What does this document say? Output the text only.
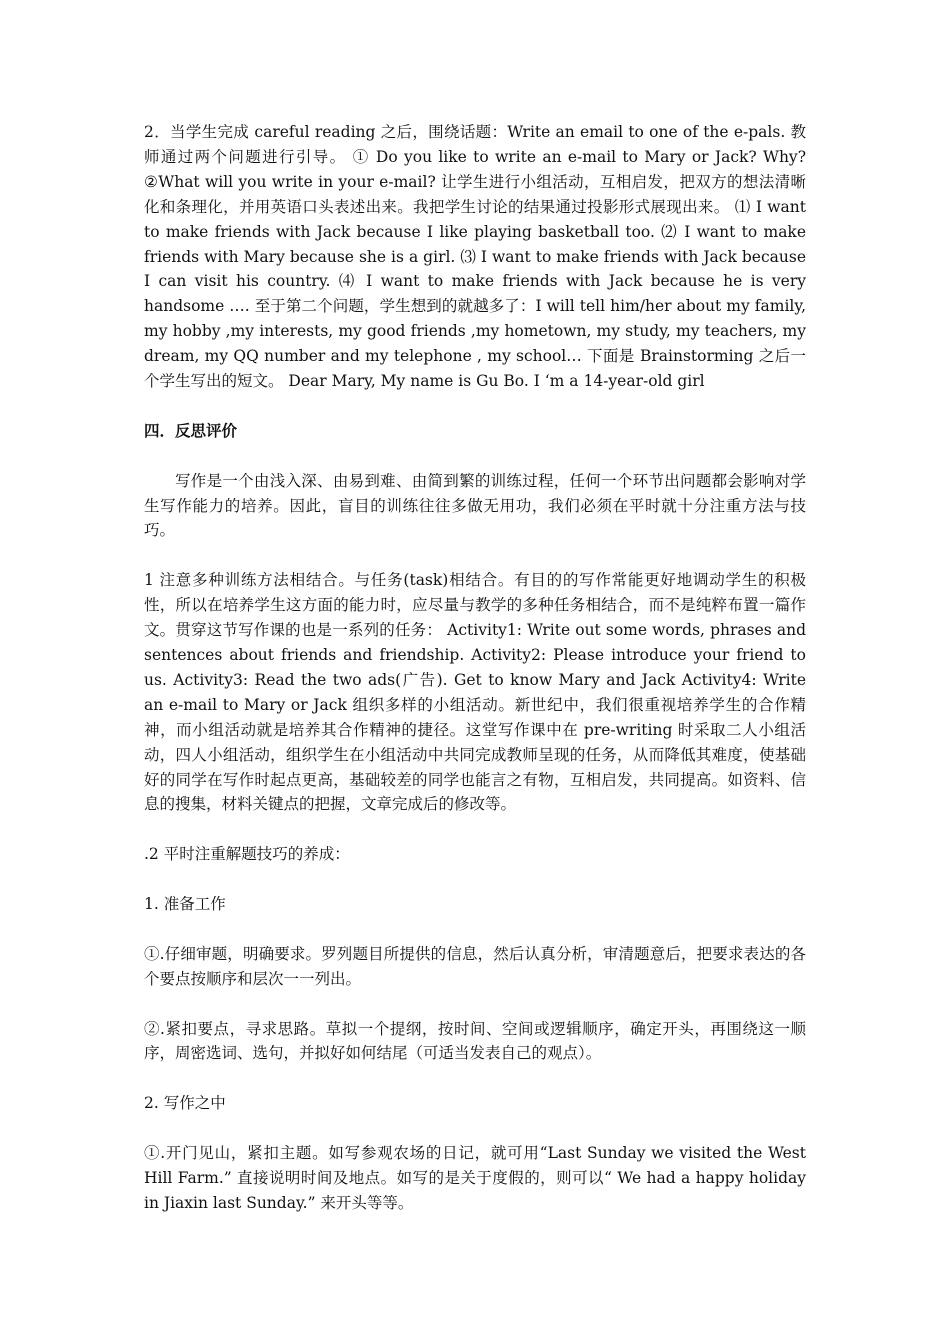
2．当学生完成 careful reading 之后，围绕话题：Write an email to one of the e-pals. 教师通过两个问题进行引导。 ① Do you like to write an e-mail to Mary or Jack? Why? ②What will you write in your e-mail? 让学生进行小组活动，互相启发，把双方的想法清晰化和条理化，并用英语口头表述出来。我把学生讨论的结果通过投影形式展现出来。 ⑴ I want to make friends with Jack because I like playing basketball too. ⑵ I want to make friends with Mary because she is a girl. ⑶ I want to make friends with Jack because I can visit his country. ⑷ I want to make friends with Jack because he is very handsome …. 至于第二个问题，学生想到的就越多了：I will tell him/her about my family, my hobby ,my interests, my good friends ,my hometown, my study, my teachers, my dream, my QQ number and my telephone , my school… 下面是 Brainstorming 之后一个学生写出的短文。 Dear Mary, My name is Gu Bo. I ‘m a 14-year-old girl

四．反思评价

写作是一个由浅入深、由易到难、由简到繁的训练过程，任何一个环节出问题都会影响对学生写作能力的培养。因此，盲目的训练往往多做无用功，我们必须在平时就十分注重方法与技巧。

1 注意多种训练方法相结合。与任务(task)相结合。有目的的写作常能更好地调动学生的积极性，所以在培养学生这方面的能力时，应尽量与教学的多种任务相结合，而不是纯粹布置一篇作文。贯穿这节写作课的也是一系列的任务： Activity1: Write out some words, phrases and sentences about friends and friendship. Activity2: Please introduce your friend to us. Activity3: Read the two ads(广告). Get to know Mary and Jack Activity4: Write an e-mail to Mary or Jack 组织多样的小组活动。新世纪中，我们很重视培养学生的合作精神，而小组活动就是培养其合作精神的捷径。这堂写作课中在 pre-writing 时采取二人小组活动，四人小组活动，组织学生在小组活动中共同完成教师呈现的任务，从而降低其难度，使基础好的同学在写作时起点更高，基础较差的同学也能言之有物，互相启发，共同提高。如资料、信息的搜集，材料关键点的把握，文章完成后的修改等。

.2 平时注重解题技巧的养成：

1. 准备工作

①.仔细审题，明确要求。罗列题目所提供的信息，然后认真分析，审清题意后，把要求表达的各个要点按顺序和层次一一列出。

②.紧扣要点，寻求思路。草拟一个提纲，按时间、空间或逻辑顺序，确定开头，再围绕这一顺序，周密选词、选句，并拟好如何结尾（可适当发表自己的观点）。

2. 写作之中

①.开门见山，紧扣主题。如写参观农场的日记，就可用“Last Sunday we visited the West Hill Farm.” 直接说明时间及地点。如写的是关于度假的，则可以“ We had a happy holiday in Jiaxin last Sunday.” 来开头等等。
